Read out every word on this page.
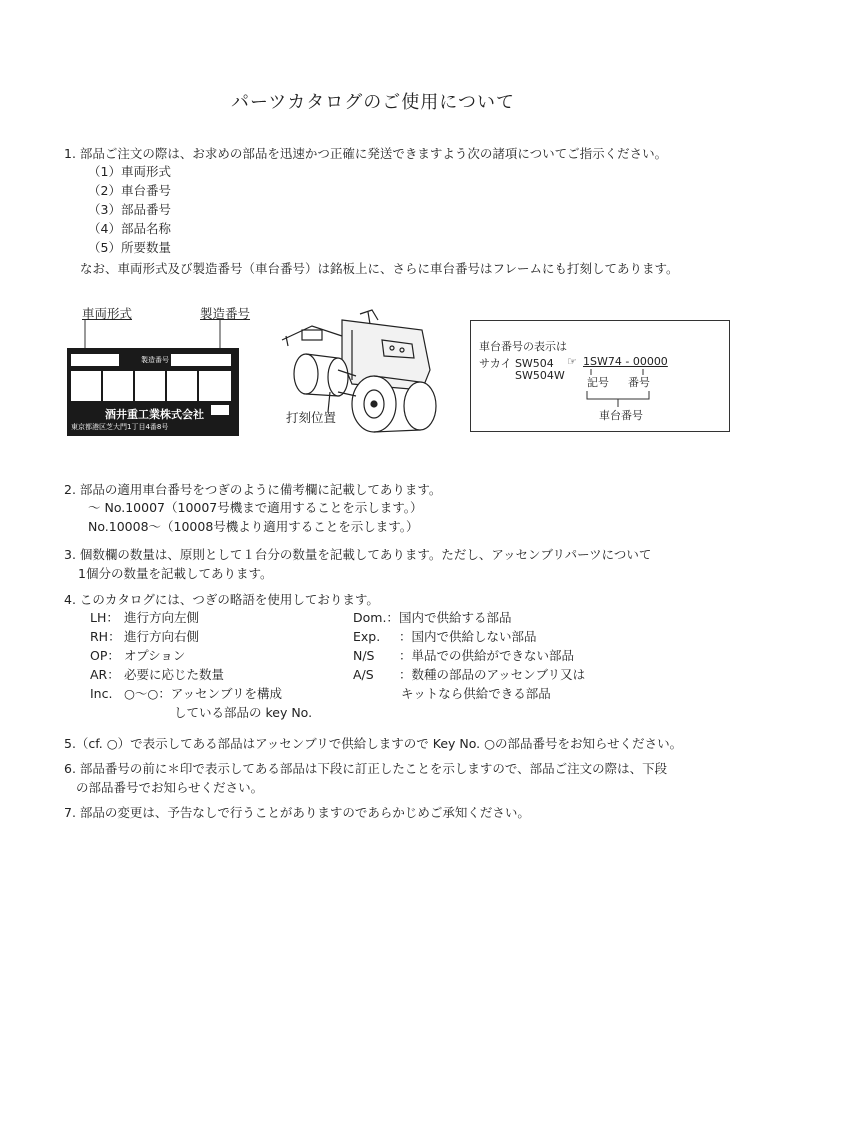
パーツカタログのご使用について
1. 部品ご注文の際は、お求めの部品を迅速かつ正確に発送できますよう次の諸項についてご指示ください。
（1）車両形式
（2）車台番号
（3）部品番号
（4）部品名称
（5）所要数量
なお、車両形式及び製造番号（車台番号）は銘板上に、さらに車台番号はフレームにも打刻してあります。
車両形式	製造番号
製造番号
酒井重工業株式会社
東京都港区芝大門1丁目4番8号
打刻位置
車台番号の表示は
サカイ SW504
SW504W
☞ 1SW74 - 00000
記号 番号
車台番号
2. 部品の適用車台番号をつぎのように備考欄に記載してあります。
～ No.10007（10007号機まで適用することを示します。）
No.10008～（10008号機より適用することを示します。）
3. 個数欄の数量は、原則として１台分の数量を記載してあります。ただし、アッセンブリパーツについて
1個分の数量を記載してあります。
4. このカタログには、つぎの略語を使用しております。
LH： 進行方向左側
RH： 進行方向右側
OP： オプション
AR： 必要に応じた数量
Inc. ○～○：アッセンブリを構成
している部品の key No.
Dom.：国内で供給する部品
Exp. ：国内で供給しない部品
N/S ：単品での供給ができない部品
A/S ：数種の部品のアッセンブリ又は
キットなら供給できる部品
5.（cf. ○）で表示してある部品はアッセンブリで供給しますので Key No. ○の部品番号をお知らせください。
6. 部品番号の前に＊印で表示してある部品は下段に訂正したことを示しますので、部品ご注文の際は、下段
の部品番号でお知らせください。
7. 部品の変更は、予告なしで行うことがありますのであらかじめご承知ください。
